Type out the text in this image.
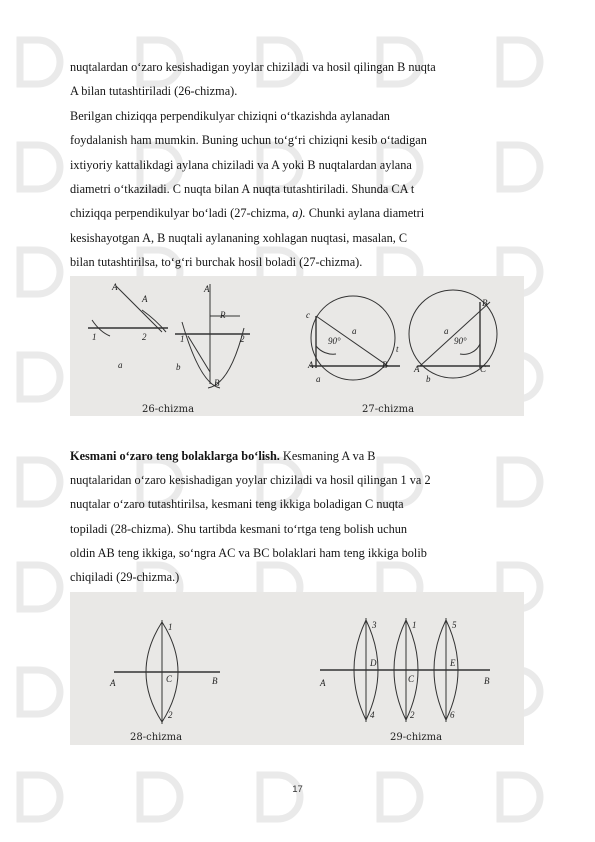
nuqtalardan o‘zaro kesishadigan yoylar chiziladi va hosil qilingan B nuqta
A bilan tutashtiriladi (26-chizma).
Berilgan chiziqqa perpendikulyar chiziqni o‘tkazishda aylanadan
foydalanish ham mumkin. Buning uchun to‘g‘ri chiziqni kesib o‘tadigan
ixtiyoriy kattalikdagi aylana chiziladi va A yoki B nuqtalardan aylana
diametri o‘tkaziladi. C nuqta bilan A nuqta tutashtiriladi. Shunda CA t
chiziqqa perpendikulyar bo‘ladi (27-chizma, a). Chunki aylana diametri
kesishayotgan A, B nuqtali aylananing xohlagan nuqtasi, masalan, C
bilan tutashtirilsa, to‘g‘ri burchak hosil boladi (27-chizma).
A
A
1	2
a
A
R
1	2
b
B
c
a
90°
A	B
t
a
B
a
90°
A	C
b
26-chizma	27-chizma
Kesmani o‘zaro teng bolaklarga bo‘lish. Kesmaning A va B
nuqtalaridan o‘zaro kesishadigan yoylar chiziladi va hosil qilingan 1 va 2
nuqtalar o‘zaro tutashtirilsa, kesmani teng ikkiga boladigan C nuqta
topiladi (28-chizma). Shu tartibda kesmani to‘rtga teng bolish uchun
oldin AB teng ikkiga, so‘ngra AC va BC bolaklari ham teng ikkiga bolib
chiqiladi (29-chizma.)
1
A	C	B
2
3	1	5
D	E
A	C	B
4	2	6
28-chizma	29-chizma
17
